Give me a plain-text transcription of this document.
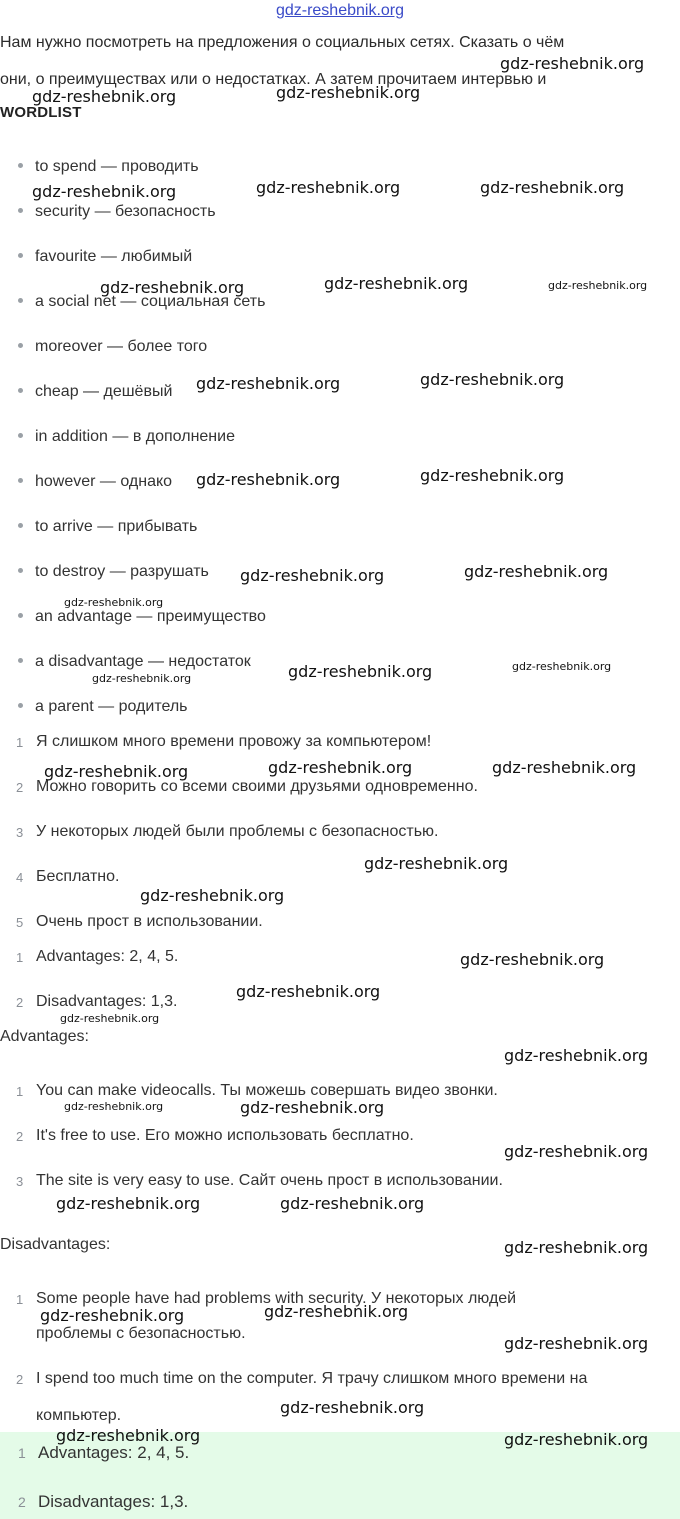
gdz-reshebnik.org
Нам нужно посмотреть на предложения о социальных сетях. Сказать о чём
они, о преимуществах или о недостатках. А затем прочитаем интервью и
WORDLIST
to spend — проводить
security — безопасность
favourite — любимый
a social net — социальная сеть
moreover — более того
cheap — дешёвый
in addition — в дополнение
however — однако
to arrive — прибывать
to destroy — разрушать
an advantage — преимущество
a disadvantage — недостаток
a parent — родитель
1 Я слишком много времени провожу за компьютером!
2 Можно говорить со всеми своими друзьями одновременно.
3 У некоторых людей были проблемы с безопасностью.
4 Бесплатно.
5 Очень прост в использовании.
1 Advantages: 2, 4, 5.
2 Disadvantages: 1,3.
Advantages:
1 You can make videocalls. Ты можешь совершать видео звонки.
2 It's free to use. Его можно использовать бесплатно.
3 The site is very easy to use. Сайт очень прост в использовании.
Disadvantages:
1 Some people have had problems with security. У некоторых людей
проблемы с безопасностью.
2 I spend too much time on the computer. Я трачу слишком много времени на
компьютер.
1 Advantages: 2, 4, 5.
2 Disadvantages: 1,3.
gdz-reshebnik.org
gdz-reshebnik.org	gdz-reshebnik.org
gdz-reshebnik.org	gdz-reshebnik.org	gdz-reshebnik.org
gdz-reshebnik.org	gdz-reshebnik.org	gdz-reshebnik.org
gdz-reshebnik.org	gdz-reshebnik.org
gdz-reshebnik.org	gdz-reshebnik.org
gdz-reshebnik.org	gdz-reshebnik.org
gdz-reshebnik.org
gdz-reshebnik.org	gdz-reshebnik.org
gdz-reshebnik.org
gdz-reshebnik.org	gdz-reshebnik.org	gdz-reshebnik.org
gdz-reshebnik.org
gdz-reshebnik.org
gdz-reshebnik.org
gdz-reshebnik.org
gdz-reshebnik.org
gdz-reshebnik.org
gdz-reshebnik.org	gdz-reshebnik.org
gdz-reshebnik.org
gdz-reshebnik.org	gdz-reshebnik.org
gdz-reshebnik.org
gdz-reshebnik.org
gdz-reshebnik.org
gdz-reshebnik.org
gdz-reshebnik.org
gdz-reshebnik.org	gdz-reshebnik.org
